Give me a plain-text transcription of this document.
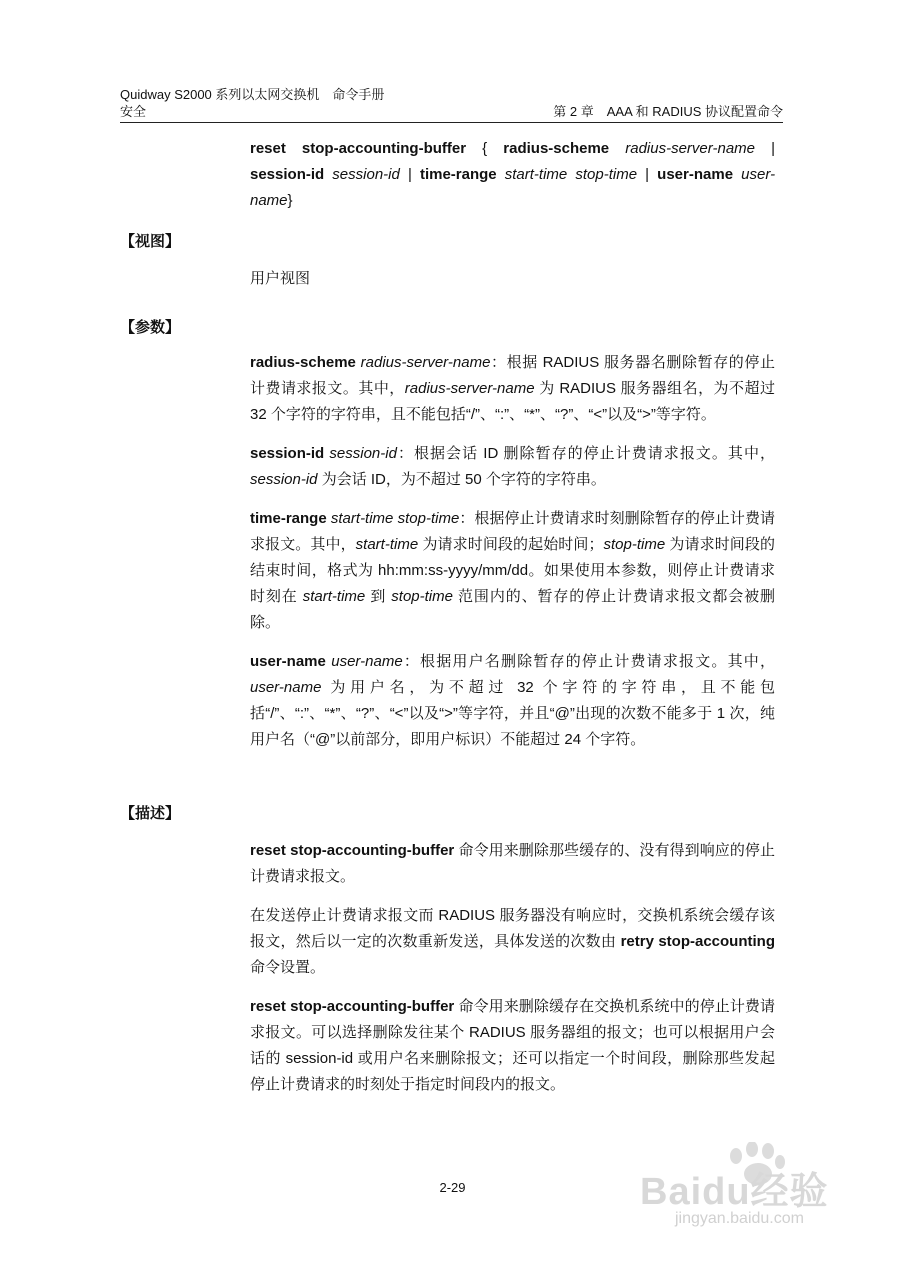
Quidway S2000 系列以太网交换机　命令手册
安全	第 2 章　AAA 和 RADIUS 协议配置命令
reset stop-accounting-buffer { radius-scheme radius-server-name | session-id session-id | time-range start-time stop-time | user-name user-name}
【视图】
用户视图
【参数】
radius-scheme radius-server-name：根据 RADIUS 服务器名删除暂存的停止计费请求报文。其中，radius-server-name 为 RADIUS 服务器组名，为不超过 32 个字符的字符串，且不能包括“/”、“:”、“*”、“?”、“<”以及“>”等字符。
session-id session-id：根据会话 ID 删除暂存的停止计费请求报文。其中，session-id 为会话 ID，为不超过 50 个字符的字符串。
time-range start-time stop-time：根据停止计费请求时刻删除暂存的停止计费请求报文。其中，start-time 为请求时间段的起始时间；stop-time 为请求时间段的结束时间，格式为 hh:mm:ss-yyyy/mm/dd。如果使用本参数，则停止计费请求时刻在 start-time 到 stop-time 范围内的、暂存的停止计费请求报文都会被删除。
user-name user-name：根据用户名删除暂存的停止计费请求报文。其中，user-name 为用户名，为不超过 32 个字符的字符串，且不能包括“/”、“:”、“*”、“?”、“<”以及“>”等字符，并且“@”出现的次数不能多于 1 次，纯用户名（“@”以前部分，即用户标识）不能超过 24 个字符。
【描述】
reset stop-accounting-buffer 命令用来删除那些缓存的、没有得到响应的停止计费请求报文。
在发送停止计费请求报文而 RADIUS 服务器没有响应时，交换机系统会缓存该报文，然后以一定的次数重新发送，具体发送的次数由 retry stop-accounting 命令设置。
reset stop-accounting-buffer 命令用来删除缓存在交换机系统中的停止计费请求报文。可以选择删除发往某个 RADIUS 服务器组的报文；也可以根据用户会话的 session-id 或用户名来删除报文；还可以指定一个时间段，删除那些发起停止计费请求的时刻处于指定时间段内的报文。
2-29	Baidu经验
jingyan.baidu.com
